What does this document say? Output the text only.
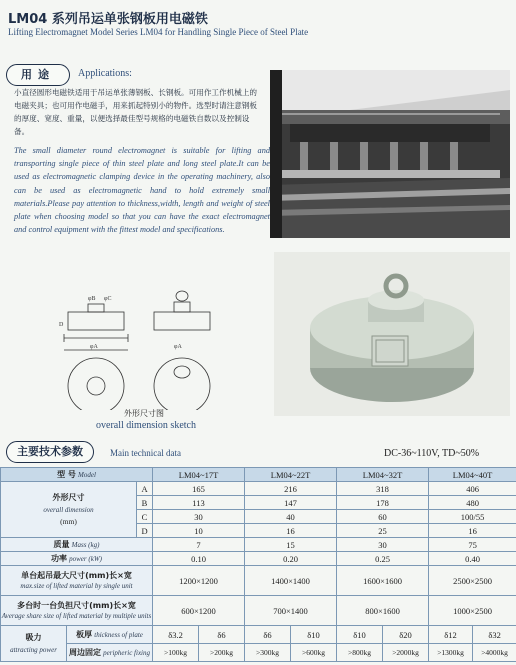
LM04 系列吊运单张钢板用电磁铁
Lifting Electromagnet Model Series LM04 for Handling Single Piece of Steel Plate
用途	Applications:
小直径圆形电磁铁适用于吊运单张薄钢板、长钢板。可用作工作机械上的电磁夹具；也可用作电磁手，用来抓起特别小的物件。选型时请注意钢板的厚度、宽度、重量，以便选择最佳型号规格的电磁铁自数以及控制设备。
The small diameter round electromagnet is suitable for lifting and transporting single piece of thin steel plate and long steel plate.It can be used as electromagnetic clamping device in the operating machinery, also can be used as electromagnetic hand to hold extremely small materials.Please pay attention to thickness,width, length and weight of steel plate when choosing model so that you can have the exact electromagnet and control equipment with the fittest model and specifications.
φB φC
D
φA	φA
外形尺寸图
overall dimension sketch
主要技术参数	Main technical data	DC-36~110V, TD~50%
型 号 Model			LM04~17T		LM04~22T		LM04~32T		LM04~40T	

外形尺寸
overall dimension
(mm)		A	165		216		318		406	
		B	113		147		178		480	
		C	30		40		60		100/55	
		D	10		16		25		16	
质量 Mass (kg)			7		15		30		75	
功率 power (kW)			0.10		0.20		0.25		0.40	

单台起吊最大尺寸(mm)长×宽
max.size of lifted material by single unit			1200×1200		1400×1400		1600×1600		2500×2500	

多台时一台负担尺寸(mm)长×宽
Average share size of lifted material by multiple units			600×1200		700×1400		800×1600		1000×2500	

吸力
attracting power	板厚 thickness of plate		δ3.2	δ6	δ6	δ10	δ10	δ20	δ12	δ32
	周边固定 peripheric fixing		>100kg	>200kg	>300kg	>600kg	>800kg	>2000kg	>1300kg	>4000kg
